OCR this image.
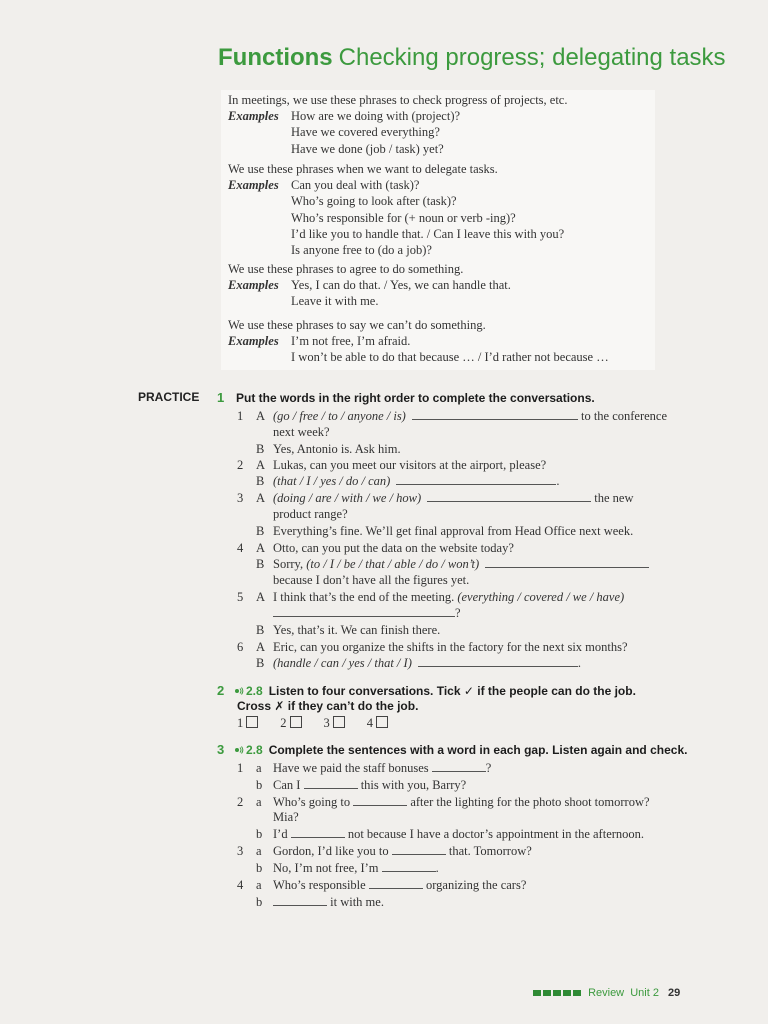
Functions Checking progress; delegating tasks
In meetings, we use these phrases to check progress of projects, etc.
Examples How are we doing with (project)?
Have we covered everything?
Have we done (job / task) yet?
We use these phrases when we want to delegate tasks.
Examples Can you deal with (task)?
Who’s going to look after (task)?
Who’s responsible for (+ noun or verb -ing)?
I’d like you to handle that. / Can I leave this with you?
Is anyone free to (do a job)?
We use these phrases to agree to do something.
Examples Yes, I can do that. / Yes, we can handle that.
Leave it with me.
We use these phrases to say we can’t do something.
Examples I’m not free, I’m afraid.
I won’t be able to do that because … / I’d rather not because …
PRACTICE 1 Put the words in the right order to complete the conversations.
1 A (go / free / to / anyone / is)	to the conference
next week?
B Yes, Antonio is. Ask him.
2 A Lukas, can you meet our visitors at the airport, please?
B (that / I / yes / do / can)	.
3 A (doing / are / with / we / how)	the new
product range?
B Everything’s fine. We’ll get final approval from Head Office next week.
4 A Otto, can you put the data on the website today?
B Sorry, (to / I / be / that / able / do / won’t)
because I don’t have all the figures yet.
5 A I think that’s the end of the meeting. (everything / covered / we / have)
?
B Yes, that’s it. We can finish there.
6 A Eric, can you organize the shifts in the factory for the next six months?
B (handle / can / yes / that / I)	.
2	2.8 Listen to four conversations. Tick ✓ if the people can do the job.
Cross ✗ if they can’t do the job.
1	2	3	4
3	2.8 Complete the sentences with a word in each gap. Listen again and check.
1 a Have we paid the staff bonuses	?
b Can I	this with you, Barry?
2 a Who’s going to	after the lighting for the photo shoot tomorrow?
Mia?
b I’d	not because I have a doctor’s appointment in the afternoon.
3 a Gordon, I’d like you to	that. Tomorrow?
b No, I’m not free, I’m	.
4 a Who’s responsible	organizing the cars?
b	it with me.
Review Unit 2 29
